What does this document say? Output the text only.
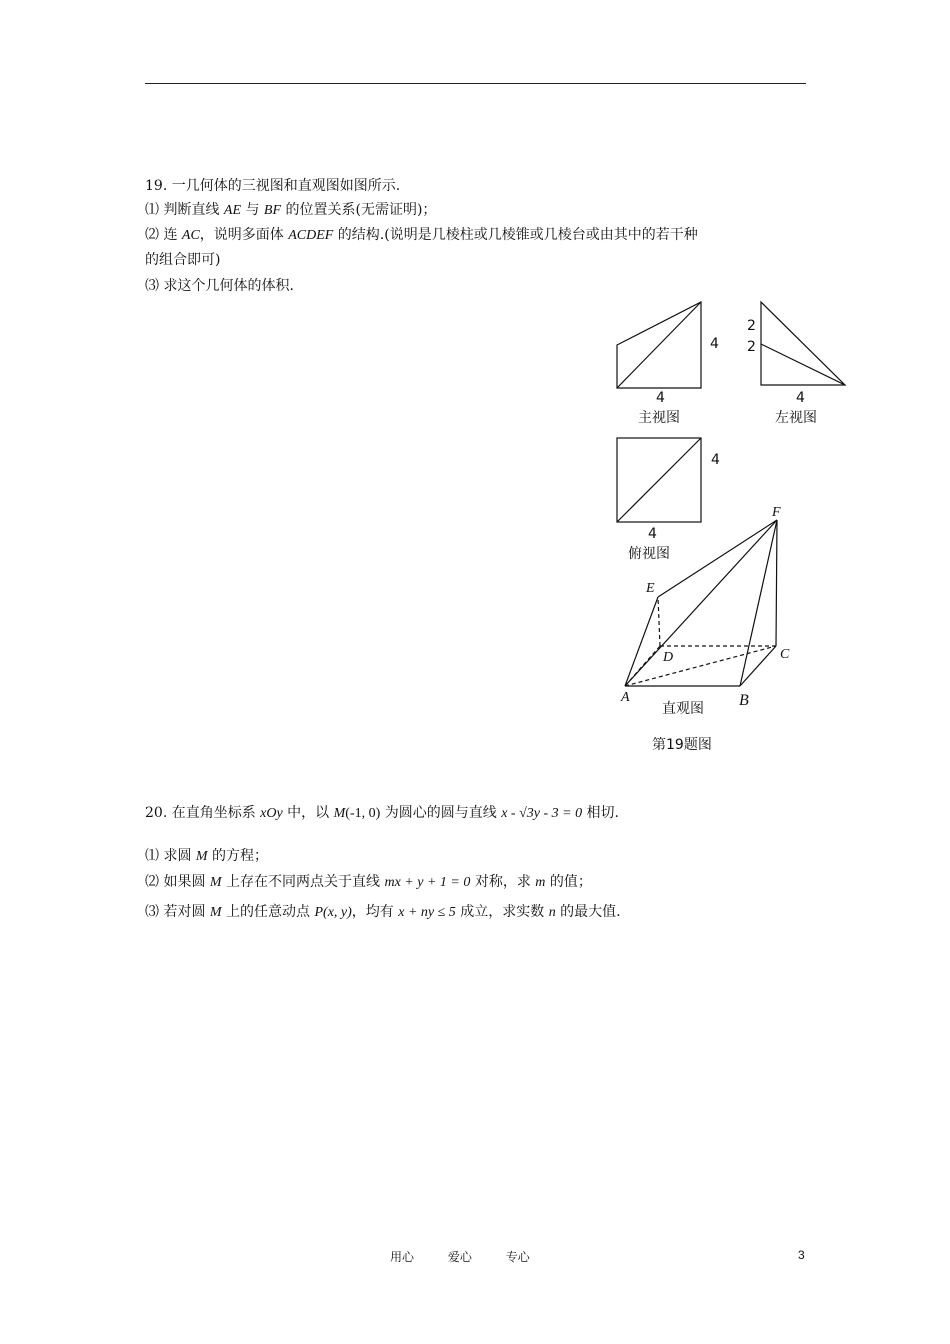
19. 一几何体的三视图和直观图如图所示.
⑴ 判断直线 AE 与 BF 的位置关系(无需证明)；
⑵ 连 AC，说明多面体 ACDEF 的结构.(说明是几棱柱或几棱锥或几棱台或由其中的若干种
的组合即可)
⑶ 求这个几何体的体积.
4
4
2
2
4
4
4
主视图	左视图
俯视图
直观图
第19题图
A	B
C
D
E
F
20. 在直角坐标系 xOy 中，以 M(-1, 0) 为圆心的圆与直线 x - √3y - 3 = 0 相切.
⑴ 求圆 M 的方程；
⑵ 如果圆 M 上存在不同两点关于直线 mx + y + 1 = 0 对称，求 m 的值；
⑶ 若对圆 M 上的任意动点 P(x, y)，均有 x + ny ≤ 5 成立，求实数 n 的最大值.
用心	爱心	专心	3
